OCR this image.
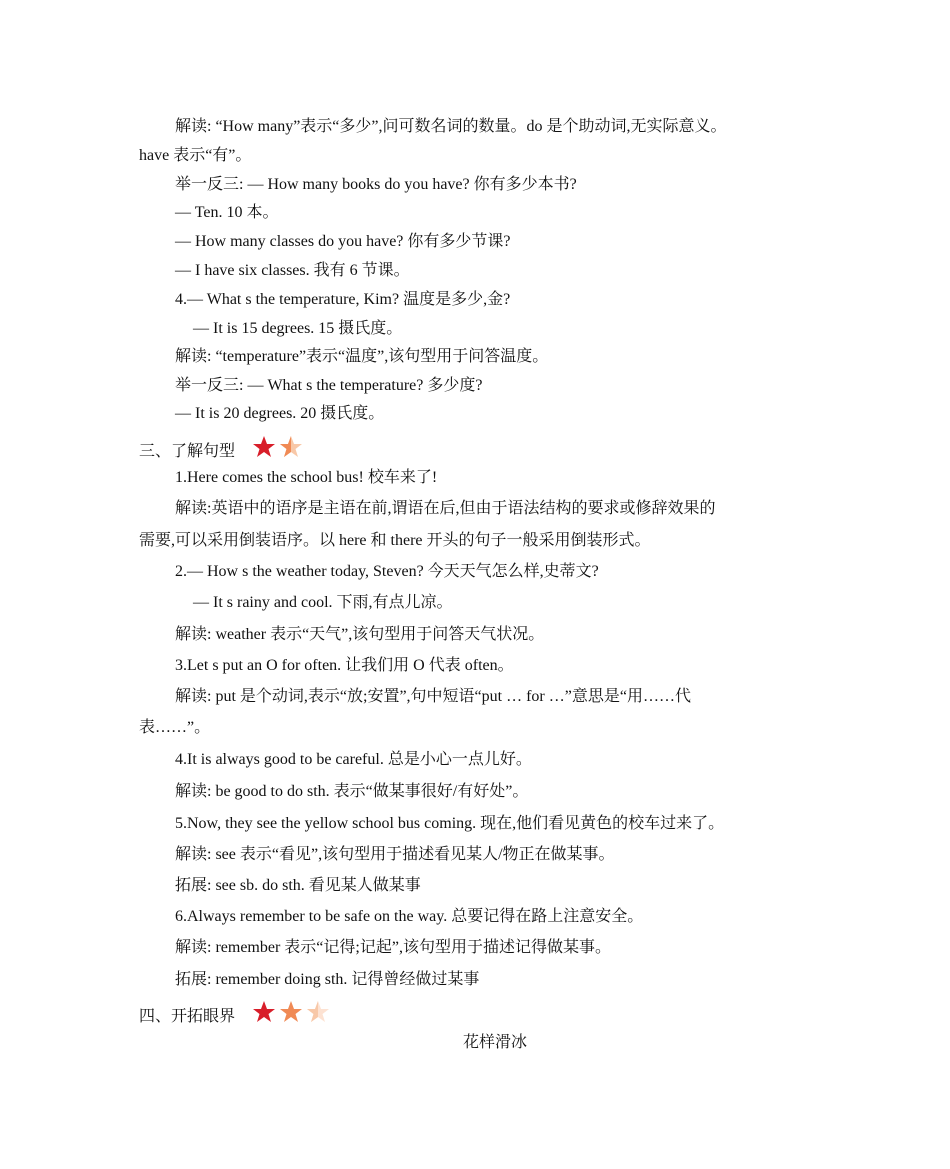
解读: “How many”表示“多少”,问可数名词的数量。do 是个助动词,无实际意义。
have 表示“有”。
举一反三: — How many books do you have? 你有多少本书?
— Ten. 10 本。
— How many classes do you have? 你有多少节课?
— I have six classes. 我有 6 节课。
4.— What s the temperature, Kim? 温度是多少,金?
— It is 15 degrees. 15 摄氏度。
解读: “temperature”表示“温度”,该句型用于问答温度。
举一反三: — What s the temperature? 多少度?
— It is 20 degrees. 20 摄氏度。
三、了解句型
1.Here comes the school bus! 校车来了!
解读:英语中的语序是主语在前,谓语在后,但由于语法结构的要求或修辞效果的
需要,可以采用倒装语序。以 here 和 there 开头的句子一般采用倒装形式。
2.— How s the weather today, Steven? 今天天气怎么样,史蒂文?
— It s rainy and cool. 下雨,有点儿凉。
解读: weather 表示“天气”,该句型用于问答天气状况。
3.Let s put an O for often. 让我们用 O 代表 often。
解读: put 是个动词,表示“放;安置”,句中短语“put … for …”意思是“用……代
表……”。
4.It is always good to be careful. 总是小心一点儿好。
解读: be good to do sth. 表示“做某事很好/有好处”。
5.Now, they see the yellow school bus coming. 现在,他们看见黄色的校车过来了。
解读: see 表示“看见”,该句型用于描述看见某人/物正在做某事。
拓展: see sb. do sth. 看见某人做某事
6.Always remember to be safe on the way. 总要记得在路上注意安全。
解读: remember 表示“记得;记起”,该句型用于描述记得做某事。
拓展: remember doing sth. 记得曾经做过某事
四、开拓眼界
花样滑冰
